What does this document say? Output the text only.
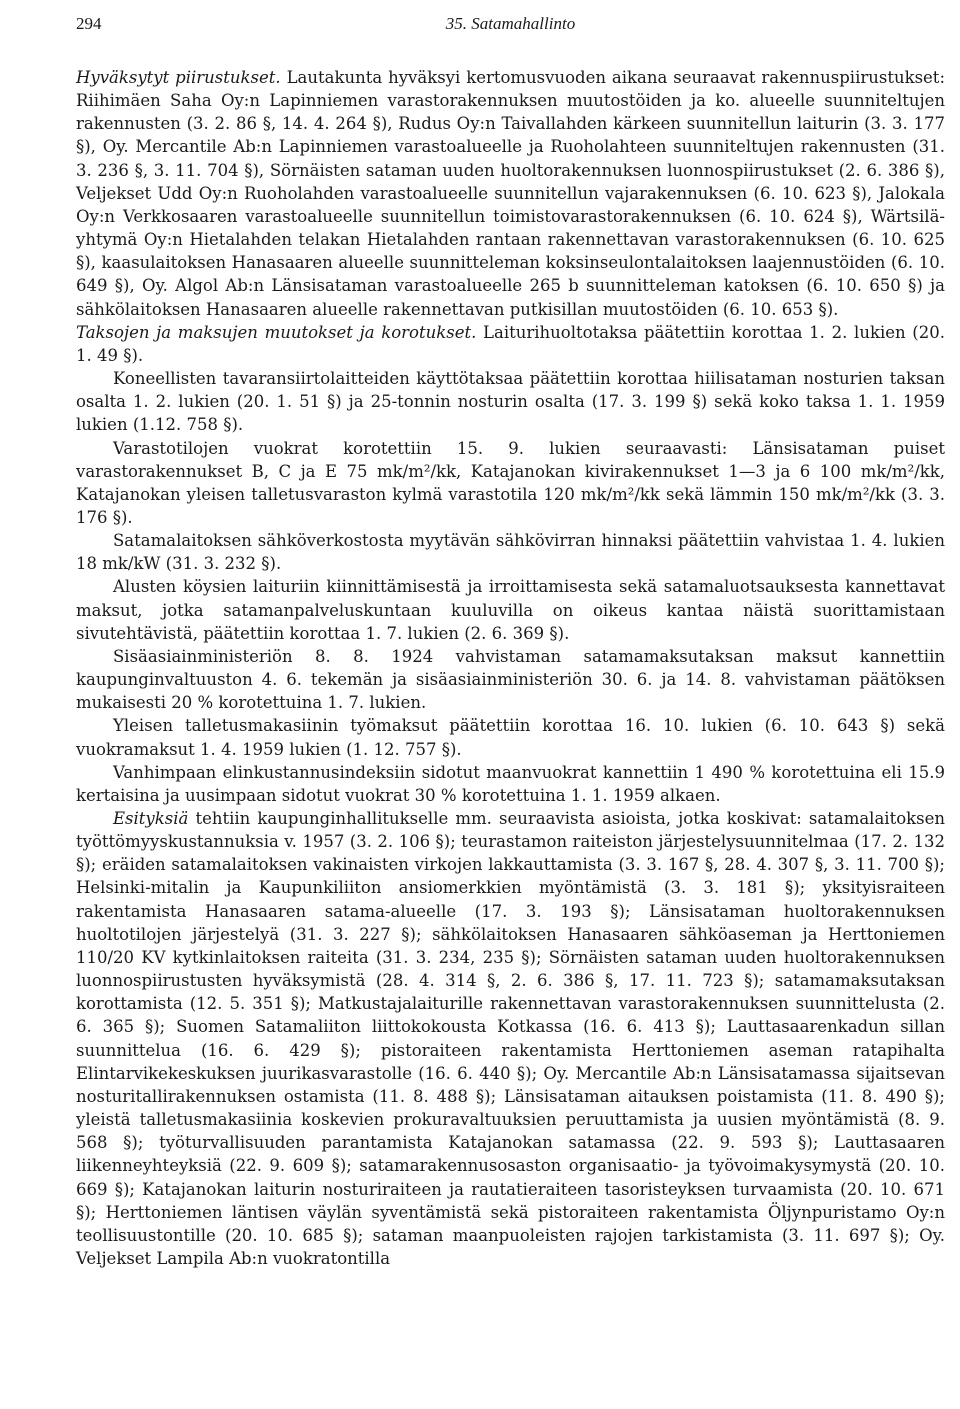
294	35. Satamahallinto

Hyväksytyt piirustukset. Lautakunta hyväksyi kertomusvuoden aikana seuraavat rakennuspiirustukset: Riihimäen Saha Oy:n Lapinniemen varastorakennuksen muutostöiden ja ko. alueelle suunniteltujen rakennusten (3. 2. 86 §, 14. 4. 264 §), Rudus Oy:n Taivallahden kärkeen suunnitellun laiturin (3. 3. 177 §), Oy. Mercantile Ab:n Lapinniemen varastoalueelle ja Ruoholahteen suunniteltujen rakennusten (31. 3. 236 §, 3. 11. 704 §), Sörnäisten sataman uuden huoltorakennuksen luonnospiirustukset (2. 6. 386 §), Veljekset Udd Oy:n Ruoholahden varastoalueelle suunnitellun vajarakennuksen (6. 10. 623 §), Jalokala Oy:n Verkkosaaren varastoalueelle suunnitellun toimistovarastorakennuksen (6. 10. 624 §), Wärtsilä-yhtymä Oy:n Hietalahden telakan Hietalahden rantaan rakennettavan varastorakennuksen (6. 10. 625 §), kaasulaitoksen Hanasaaren alueelle suunnitteleman koksinseulontalaitoksen laajennustöiden (6. 10. 649 §), Oy. Algol Ab:n Länsisataman varastoalueelle 265 b suunnitteleman katoksen (6. 10. 650 §) ja sähkölaitoksen Hanasaaren alueelle rakennettavan putkisillan muutostöiden (6. 10. 653 §).

Taksojen ja maksujen muutokset ja korotukset. Laiturihuoltotaksa päätettiin korottaa 1. 2. lukien (20. 1. 49 §).

Koneellisten tavaransiirtolaitteiden käyttötaksaa päätettiin korottaa hiilisataman nosturien taksan osalta 1. 2. lukien (20. 1. 51 §) ja 25-tonnin nosturin osalta (17. 3. 199 §) sekä koko taksa 1. 1. 1959 lukien (1.12. 758 §).

Varastotilojen vuokrat korotettiin 15. 9. lukien seuraavasti: Länsisataman puiset varastorakennukset B, C ja E 75 mk/m²/kk, Katajanokan kivirakennukset 1—3 ja 6 100 mk/m²/kk, Katajanokan yleisen talletusvaraston kylmä varastotila 120 mk/m²/kk sekä lämmin 150 mk/m²/kk (3. 3. 176 §).

Satamalaitoksen sähköverkostosta myytävän sähkövirran hinnaksi päätettiin vahvistaa 1. 4. lukien 18 mk/kW (31. 3. 232 §).

Alusten köysien laituriin kiinnittämisestä ja irroittamisesta sekä satamaluotsauksesta kannettavat maksut, jotka satamanpalveluskuntaan kuuluvilla on oikeus kantaa näistä suorittamistaan sivutehtävistä, päätettiin korottaa 1. 7. lukien (2. 6. 369 §).

Sisäasiainministeriön 8. 8. 1924 vahvistaman satamamaksutaksan maksut kannettiin kaupunginvaltuuston 4. 6. tekemän ja sisäasiainministeriön 30. 6. ja 14. 8. vahvistaman päätöksen mukaisesti 20 % korotettuina 1. 7. lukien.

Yleisen talletusmakasiinin työmaksut päätettiin korottaa 16. 10. lukien (6. 10. 643 §) sekä vuokramaksut 1. 4. 1959 lukien (1. 12. 757 §).

Vanhimpaan elinkustannusindeksiin sidotut maanvuokrat kannettiin 1 490 % korotettuina eli 15.9 kertaisina ja uusimpaan sidotut vuokrat 30 % korotettuina 1. 1. 1959 alkaen.

Esityksiä tehtiin kaupunginhallitukselle mm. seuraavista asioista, jotka koskivat: satamalaitoksen työttömyyskustannuksia v. 1957 (3. 2. 106 §); teurastamon raiteiston järjestelysuunnitelmaa (17. 2. 132 §); eräiden satamalaitoksen vakinaisten virkojen lakkauttamista (3. 3. 167 §, 28. 4. 307 §, 3. 11. 700 §); Helsinki-mitalin ja Kaupunkiliiton ansiomerkkien myöntämistä (3. 3. 181 §); yksityisraiteen rakentamista Hanasaaren satama-alueelle (17. 3. 193 §); Länsisataman huoltorakennuksen huoltotilojen järjestelyä (31. 3. 227 §); sähkölaitoksen Hanasaaren sähköaseman ja Herttoniemen 110/20 KV kytkinlaitoksen raiteita (31. 3. 234, 235 §); Sörnäisten sataman uuden huoltorakennuksen luonnospiirustusten hyväksymistä (28. 4. 314 §, 2. 6. 386 §, 17. 11. 723 §); satamamaksutaksan korottamista (12. 5. 351 §); Matkustajalaiturille rakennettavan varastorakennuksen suunnittelusta (2. 6. 365 §); Suomen Satamaliiton liittokokousta Kotkassa (16. 6. 413 §); Lauttasaarenkadun sillan suunnittelua (16. 6. 429 §); pistoraiteen rakentamista Herttoniemen aseman ratapihalta Elintarvikekeskuksen juurikasvarastolle (16. 6. 440 §); Oy. Mercantile Ab:n Länsisatamassa sijaitsevan nosturitallirakennuksen ostamista (11. 8. 488 §); Länsisataman aitauksen poistamista (11. 8. 490 §); yleistä talletusmakasiinia koskevien prokuravaltuuksien peruuttamista ja uusien myöntämistä (8. 9. 568 §); työturvallisuuden parantamista Katajanokan satamassa (22. 9. 593 §); Lauttasaaren liikenneyhteyksiä (22. 9. 609 §); satamarakennusosaston organisaatio- ja työvoimakysymystä (20. 10. 669 §); Katajanokan laiturin nosturiraiteen ja rautatieraiteen tasoristeyksen turvaamista (20. 10. 671 §); Herttoniemen läntisen väylän syventämistä sekä pistoraiteen rakentamista Öljynpuristamo Oy:n teollisuustontille (20. 10. 685 §); sataman maanpuoleisten rajojen tarkistamista (3. 11. 697 §); Oy. Veljekset Lampila Ab:n vuokratontilla
